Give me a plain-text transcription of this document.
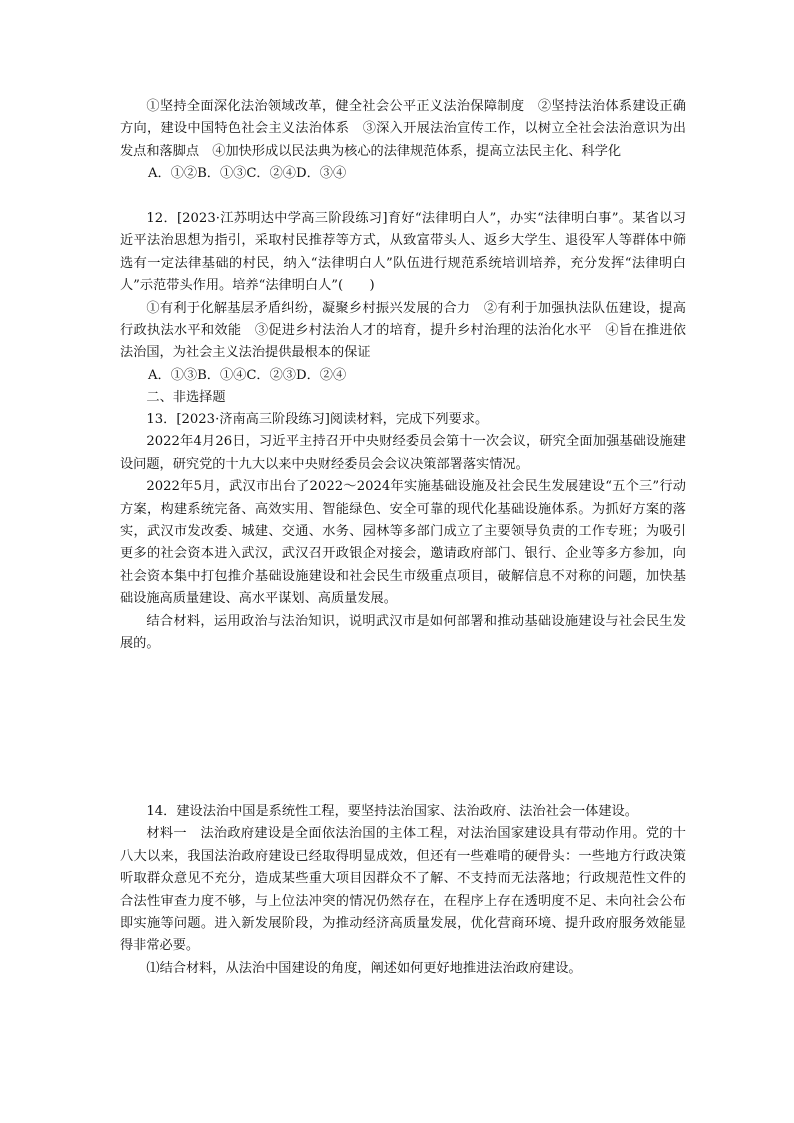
①坚持全面深化法治领域改革，健全社会公平正义法治保障制度　②坚持法治体系建设正确方向，建设中国特色社会主义法治体系　③深入开展法治宣传工作，以树立全社会法治意识为出发点和落脚点　④加快形成以民法典为核心的法律规范体系，提高立法民主化、科学化

A．①②B．①③C．②④D．③④

12．[2023·江苏明达中学高三阶段练习]育好“法律明白人”，办实“法律明白事”。某省以习近平法治思想为指引，采取村民推荐等方式，从致富带头人、返乡大学生、退役军人等群体中筛选有一定法律基础的村民，纳入“法律明白人”队伍进行规范系统培训培养，充分发挥“法律明白人”示范带头作用。培养“法律明白人”(　　)

①有利于化解基层矛盾纠纷，凝聚乡村振兴发展的合力　②有利于加强执法队伍建设，提高行政执法水平和效能　③促进乡村法治人才的培育，提升乡村治理的法治化水平　④旨在推进依法治国，为社会主义法治提供最根本的保证

A．①③B．①④C．②③D．②④

二、非选择题

13．[2023·济南高三阶段练习]阅读材料，完成下列要求。

2022年4月26日，习近平主持召开中央财经委员会第十一次会议，研究全面加强基础设施建设问题，研究党的十九大以来中央财经委员会会议决策部署落实情况。

2022年5月，武汉市出台了2022～2024年实施基础设施及社会民生发展建设“五个三”行动方案，构建系统完备、高效实用、智能绿色、安全可靠的现代化基础设施体系。为抓好方案的落实，武汉市发改委、城建、交通、水务、园林等多部门成立了主要领导负责的工作专班；为吸引更多的社会资本进入武汉，武汉召开政银企对接会，邀请政府部门、银行、企业等多方参加，向社会资本集中打包推介基础设施建设和社会民生市级重点项目，破解信息不对称的问题，加快基础设施高质量建设、高水平谋划、高质量发展。

结合材料，运用政治与法治知识，说明武汉市是如何部署和推动基础设施建设与社会民生发展的。

14．建设法治中国是系统性工程，要坚持法治国家、法治政府、法治社会一体建设。

材料一　法治政府建设是全面依法治国的主体工程，对法治国家建设具有带动作用。党的十八大以来，我国法治政府建设已经取得明显成效，但还有一些难啃的硬骨头：一些地方行政决策听取群众意见不充分，造成某些重大项目因群众不了解、不支持而无法落地；行政规范性文件的合法性审查力度不够，与上位法冲突的情况仍然存在，在程序上存在透明度不足、未向社会公布即实施等问题。进入新发展阶段，为推动经济高质量发展，优化营商环境、提升政府服务效能显得非常必要。

⑴结合材料，从法治中国建设的角度，阐述如何更好地推进法治政府建设。
